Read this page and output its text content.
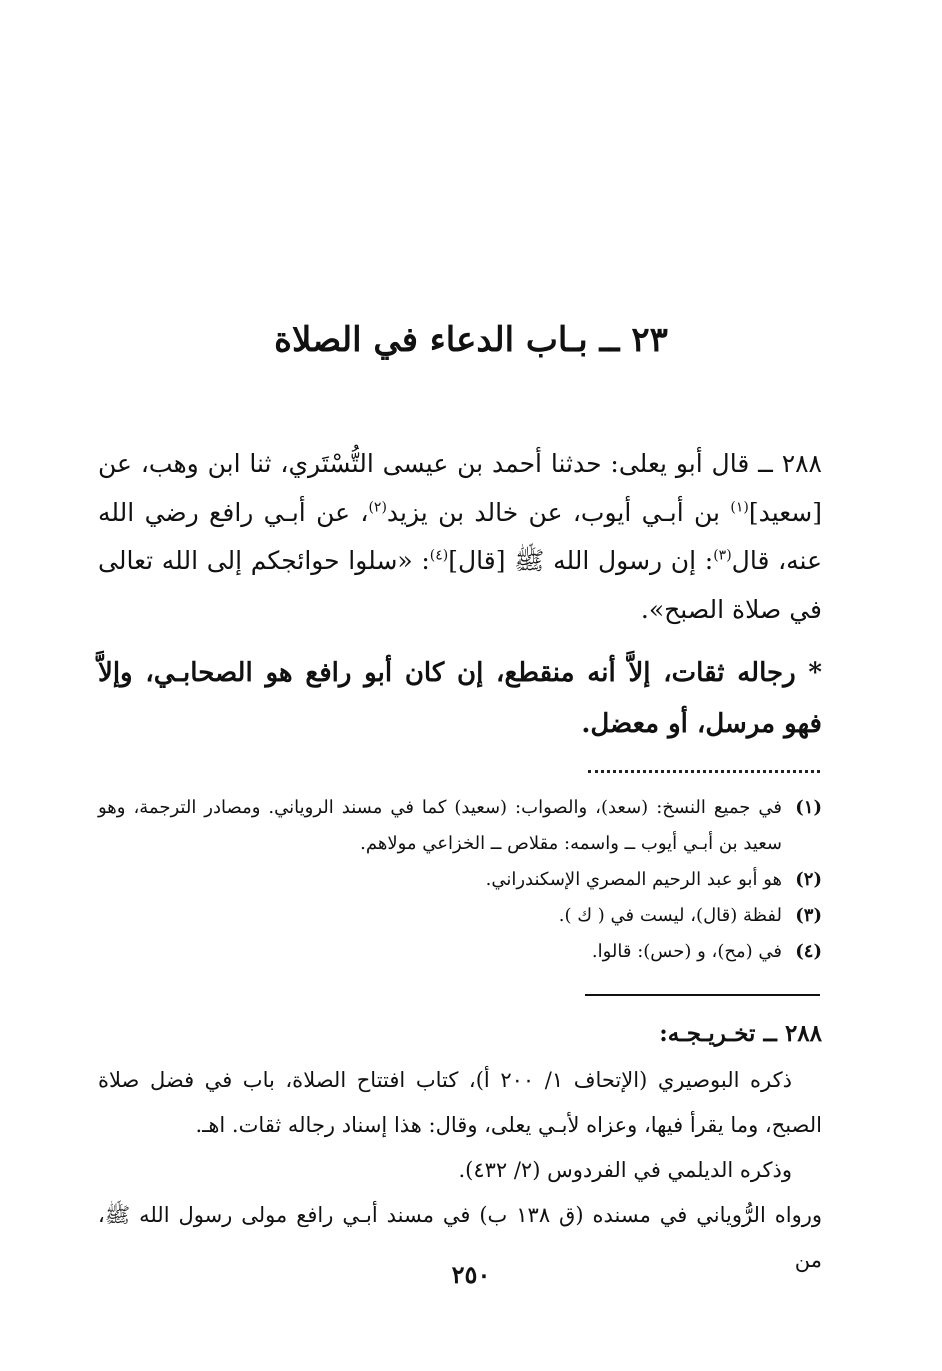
٢٣ ــ بـاب الدعاء في الصلاة
٢٨٨ ــ قال أبو يعلى: حدثنا أحمد بن عيسى التُّسْتَري، ثنا ابن وهب، عن [سعيد]$^{(١)}$ بن أبـي أيوب، عن خالد بن يزيد$^{(٢)}$، عن أبـي رافع رضي الله عنه، قال$^{(٣)}$: إن رسول الله ﷺ [قال]$^{(٤)}$: «سلوا حوائجكم إلى الله تعالى في صلاة الصبح».
* رجاله ثقات، إلاَّ أنه منقطع، إن كان أبو رافع هو الصحابـي، وإلاَّ فهو مرسل، أو معضل.
(١)
في جميع النسخ: (سعد)، والصواب: (سعيد) كما في مسند الروياني. ومصادر الترجمة، وهو سعيد بن أبـي أيوب ــ واسمه: مقلاص ــ الخزاعي مولاهم.
(٢)
هو أبو عبد الرحيم المصري الإسكندراني.
(٣)
لفظة (قال)، ليست في ( ك ).
(٤)
في (مح)، و (حس): قالوا.
٢٨٨ ــ تخـريـجـه:

ذكره البوصيري (الإتحاف ١/ ٢٠٠ أ)، كتاب افتتاح الصلاة، باب في فضل صلاة الصبح، وما يقرأ فيها، وعزاه لأبـي يعلى، وقال: هذا إسناد رجاله ثقات. اهـ.

وذكره الديلمي في الفردوس (٢/ ٤٣٢).

ورواه الرُّوياني في مسنده (ق ١٣٨ ب) في مسند أبـي رافع مولى رسول الله ﷺ، من

٢٥٠
